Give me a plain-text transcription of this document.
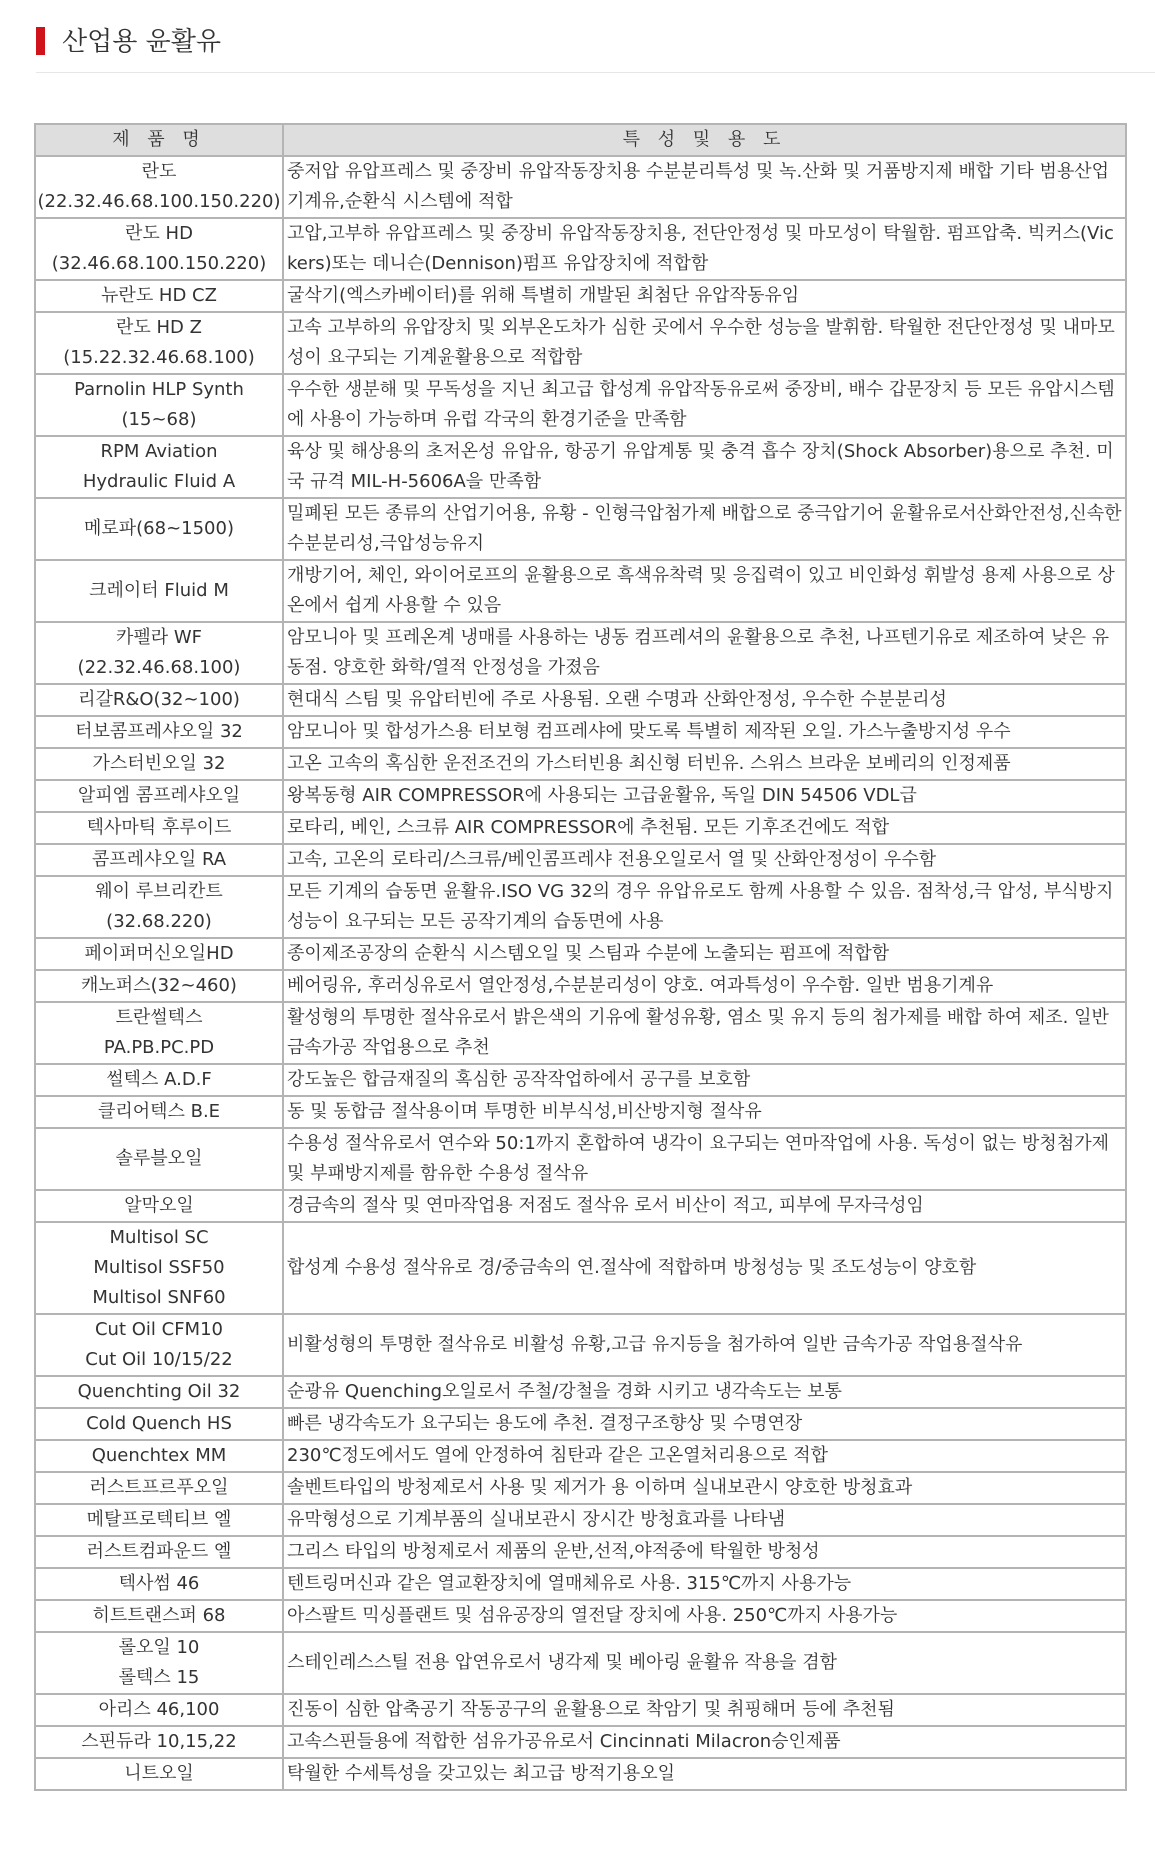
산업용 윤활유
제 품 명	특 성 및 용 도

란도
(22.32.46.68.100.150.220)	중저압 유압프레스 및 중장비 유압작동장치용 수분분리특성 및 녹.산화 및 거품방지제 배합 기타 범용산업기계유,순환식 시스템에 적합

란도 HD
(32.46.68.100.150.220)	고압,고부하 유압프레스 및 중장비 유압작동장치용, 전단안정성 및 마모성이 탁월함. 펌프압축. 빅커스(Vickers)또는 데니슨(Dennison)펌프 유압장치에 적합함

뉴란도 HD CZ	굴삭기(엑스카베이터)를 위해 특별히 개발된 최첨단 유압작동유임

란도 HD Z
(15.22.32.46.68.100)	고속 고부하의 유압장치 및 외부온도차가 심한 곳에서 우수한 성능을 발휘함. 탁월한 전단안정성 및 내마모성이 요구되는 기계윤활용으로 적합함

Parnolin HLP Synth
(15~68)	우수한 생분해 및 무독성을 지닌 최고급 합성계 유압작동유로써 중장비, 배수 갑문장치 등 모든 유압시스템에 사용이 가능하며 유럽 각국의 환경기준을 만족함

RPM Aviation
Hydraulic Fluid A	육상 및 해상용의 초저온성 유압유, 항공기 유압계통 및 충격 흡수 장치(Shock Absorber)용으로 추천. 미국 규격 MIL-H-5606A을 만족함

메로파(68~1500)	밀폐된 모든 종류의 산업기어용, 유황 - 인형극압첨가제 배합으로 중극압기어 윤활유로서산화안전성,신속한 수분분리성,극압성능유지

크레이터 Fluid M	개방기어, 체인, 와이어로프의 윤활용으로 흑색유착력 및 응집력이 있고 비인화성 휘발성 용제 사용으로 상온에서 쉽게 사용할 수 있음

카펠라 WF
(22.32.46.68.100)	암모니아 및 프레온계 냉매를 사용하는 냉동 컴프레셔의 윤활용으로 추천, 나프텐기유로 제조하여 낮은 유동점. 양호한 화학/열적 안정성을 가졌음

리갈R&O(32~100)	현대식 스팀 및 유압터빈에 주로 사용됨. 오랜 수명과 산화안정성, 우수한 수분분리성

터보콤프레샤오일 32	암모니아 및 합성가스용 터보형 컴프레샤에 맞도록 특별히 제작된 오일. 가스누출방지성 우수

가스터빈오일 32	고온 고속의 혹심한 운전조건의 가스터빈용 최신형 터빈유. 스위스 브라운 보베리의 인정제품

알피엠 콤프레샤오일	왕복동형 AIR COMPRESSOR에 사용되는 고급윤활유, 독일 DIN 54506 VDL급

텍사마틱 후루이드	로타리, 베인, 스크류 AIR COMPRESSOR에 추천됨. 모든 기후조건에도 적합

콤프레샤오일 RA	고속, 고온의 로타리/스크류/베인콤프레샤 전용오일로서 열 및 산화안정성이 우수함

웨이 루브리칸트
(32.68.220)	모든 기계의 습동면 윤활유.ISO VG 32의 경우 유압유로도 함께 사용할 수 있음. 점착성,극 압성, 부식방지성능이 요구되는 모든 공작기계의 습동면에 사용

페이퍼머신오일HD	종이제조공장의 순환식 시스템오일 및 스팀과 수분에 노출되는 펌프에 적합함

캐노퍼스(32~460)	베어링유, 후러싱유로서 열안정성,수분분리성이 양호. 여과특성이 우수함. 일반 범용기계유

트란썰텍스
PA.PB.PC.PD	활성형의 투명한 절삭유로서 밝은색의 기유에 활성유황, 염소 및 유지 등의 첨가제를 배합 하여 제조. 일반 금속가공 작업용으로 추천

썰텍스 A.D.F	강도높은 합금재질의 혹심한 공작작업하에서 공구를 보호함

클리어텍스 B.E	동 및 동합금 절삭용이며 투명한 비부식성,비산방지형 절삭유

솔루블오일	수용성 절삭유로서 연수와 50:1까지 혼합하여 냉각이 요구되는 연마작업에 사용. 독성이 없는 방청첨가제 및 부패방지제를 함유한 수용성 절삭유

알막오일	경금속의 절삭 및 연마작업용 저점도 절삭유 로서 비산이 적고, 피부에 무자극성임

Multisol SC
Multisol SSF50
Multisol SNF60	합성계 수용성 절삭유로 경/중금속의 연.절삭에 적합하며 방청성능 및 조도성능이 양호함

Cut Oil CFM10
Cut Oil 10/15/22	비활성형의 투명한 절삭유로 비활성 유황,고급 유지등을 첨가하여 일반 금속가공 작업용절삭유

Quenchting Oil 32	순광유 Quenching오일로서 주철/강철을 경화 시키고 냉각속도는 보통

Cold Quench HS	빠른 냉각속도가 요구되는 용도에 추천. 결정구조향상 및 수명연장

Quenchtex MM	230℃정도에서도 열에 안정하여 침탄과 같은 고온열처리용으로 적합

러스트프르푸오일	솔벤트타입의 방청제로서 사용 및 제거가 용 이하며 실내보관시 양호한 방청효과

메탈프로텍티브 엘	유막형성으로 기계부품의 실내보관시 장시간 방청효과를 나타냄

러스트컴파운드 엘	그리스 타입의 방청제로서 제품의 운반,선적,야적중에 탁월한 방청성

텍사썸 46	텐트링머신과 같은 열교환장치에 열매체유로 사용. 315℃까지 사용가능

히트트랜스퍼 68	아스팔트 믹싱플랜트 및 섬유공장의 열전달 장치에 사용. 250℃까지 사용가능

롤오일 10
롤텍스 15	스테인레스스틸 전용 압연유로서 냉각제 및 베아링 윤활유 작용을 겸함

아리스 46,100	진동이 심한 압축공기 작동공구의 윤활용으로 착암기 및 취핑해머 등에 추천됨

스핀듀라 10,15,22	고속스핀들용에 적합한 섬유가공유로서 Cincinnati Milacron승인제품

니트오일	탁월한 수세특성을 갖고있는 최고급 방적기용오일
